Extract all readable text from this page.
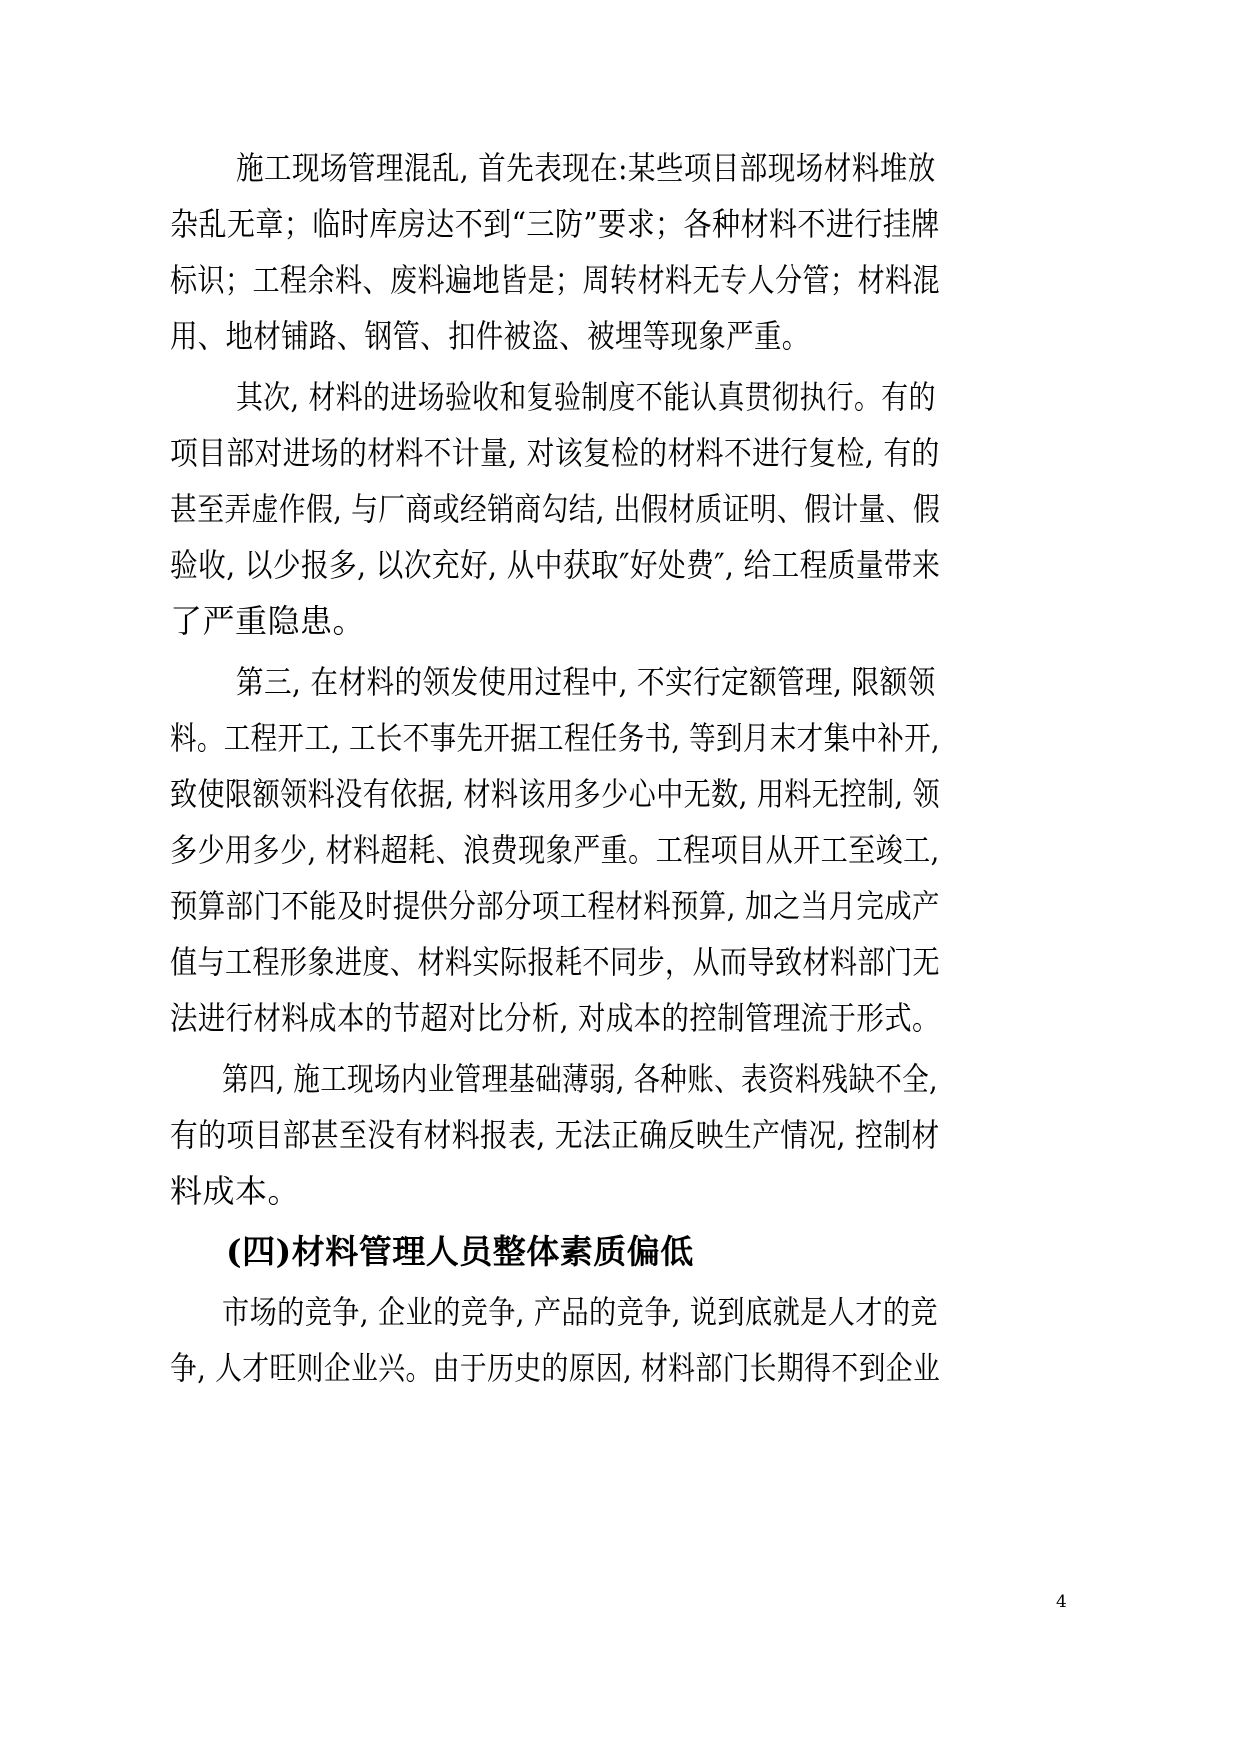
施工现场管理混乱, 首先表现在:某些项目部现场材料堆放
杂乱无章；临时库房达不到“三防”要求；各种材料不进行挂牌
标识；工程余料、废料遍地皆是；周转材料无专人分管；材料混
用、地材铺路、钢管、扣件被盗、被埋等现象严重。
其次, 材料的进场验收和复验制度不能认真贯彻执行。有的
项目部对进场的材料不计量, 对该复检的材料不进行复检, 有的
甚至弄虚作假, 与厂商或经销商勾结, 出假材质证明、假计量、假
验收, 以少报多, 以次充好, 从中获取″好处费″, 给工程质量带来
了严重隐患。
第三, 在材料的领发使用过程中, 不实行定额管理, 限额领
料。工程开工, 工长不事先开据工程任务书, 等到月末才集中补开,
致使限额领料没有依据, 材料该用多少心中无数, 用料无控制, 领
多少用多少, 材料超耗、浪费现象严重。工程项目从开工至竣工,
预算部门不能及时提供分部分项工程材料预算, 加之当月完成产
值与工程形象进度、材料实际报耗不同步，从而导致材料部门无
法进行材料成本的节超对比分析, 对成本的控制管理流于形式。
第四, 施工现场内业管理基础薄弱, 各种账、表资料残缺不全,
有的项目部甚至没有材料报表, 无法正确反映生产情况, 控制材
料成本。
(四)材料管理人员整体素质偏低
市场的竞争, 企业的竞争, 产品的竞争, 说到底就是人才的竞
争, 人才旺则企业兴。由于历史的原因, 材料部门长期得不到企业
4
